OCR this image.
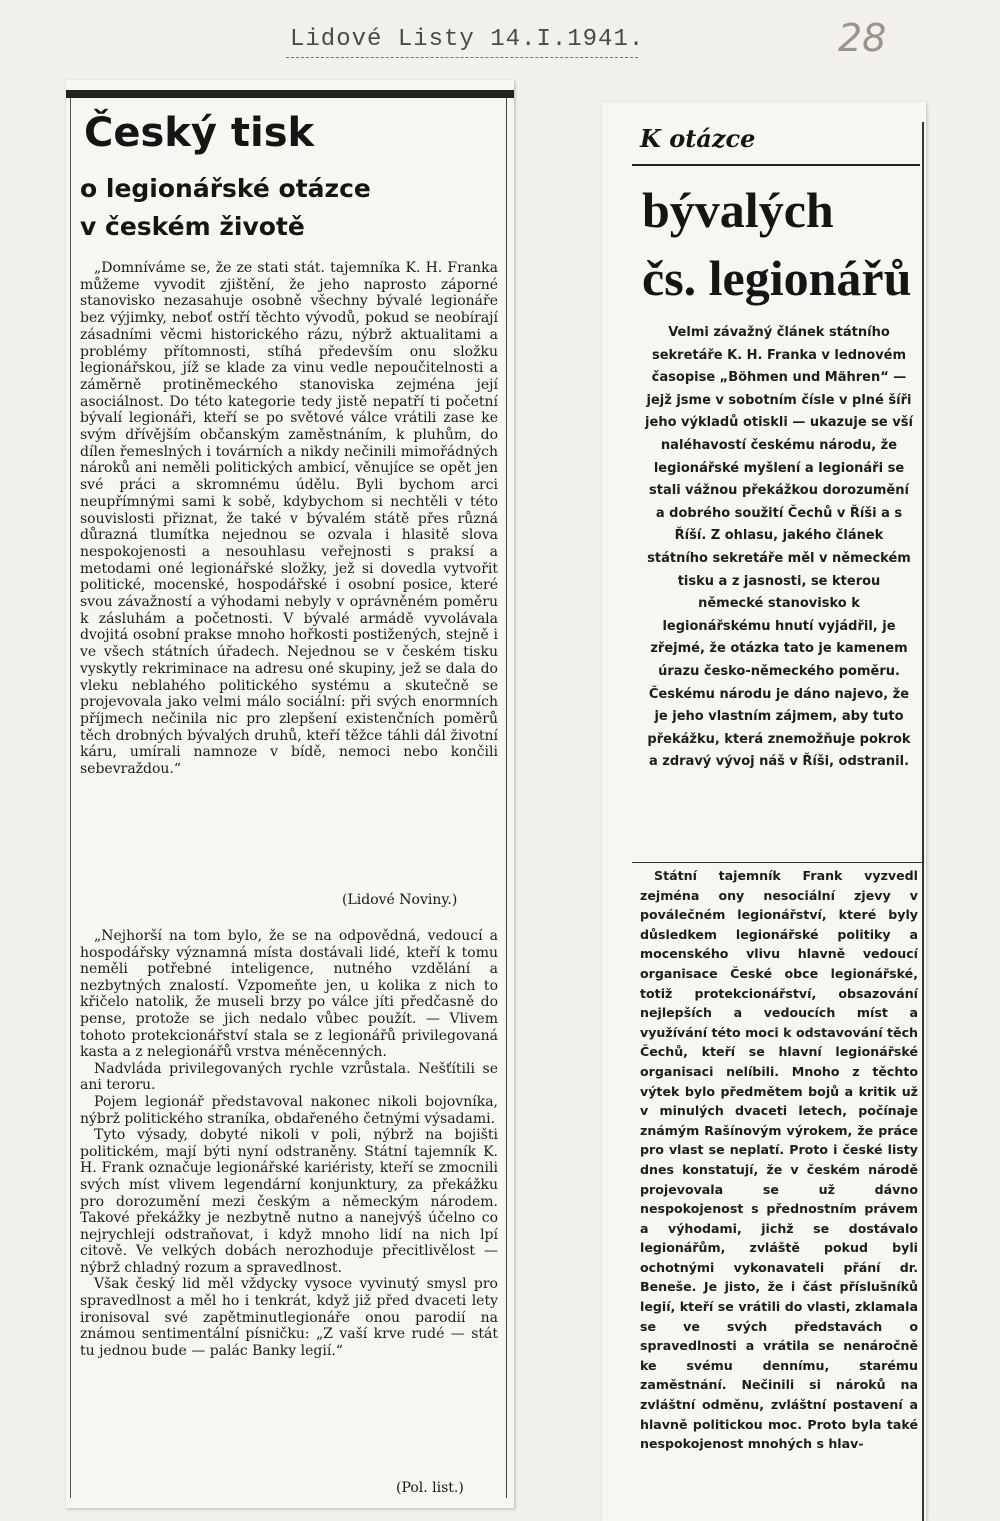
Lidové Listy 14.I.1941.	28
Český tisk
o legionářské otázce
v českém životě

„Domníváme se, že ze stati stát. tajemníka K. H. Franka můžeme vyvodit zjištění, že jeho naprosto záporné stanovisko nezasahuje osobně všechny bývalé legionáře bez výjimky, neboť ostří těchto vývodů, pokud se neobírají zásadními věcmi historického rázu, nýbrž aktualitami a problémy přítomnosti, stíhá především onu složku legionářskou, jíž se klade za vinu vedle nepoučitelnosti a záměrně protiněmeckého stanoviska zejména její asociálnost. Do této kategorie tedy jistě nepatří ti početní bývalí legionáři, kteří se po světové válce vrátili zase ke svým dřívějším občanským zaměstnáním, k pluhům, do dílen řemeslných i továrních a nikdy nečinili mimořádných nároků ani neměli politických ambicí, věnujíce se opět jen své práci a skromnému údělu. Byli bychom arci neupřímnými sami k sobě, kdybychom si nechtěli v této souvislosti přiznat, že také v bývalém státě přes různá důrazná tlumítka nejednou se ozvala i hlasitě slova nespokojenosti a nesouhlasu veřejnosti s praksí a metodami oné legionářské složky, jež si dovedla vytvořit politické, mocenské, hospodářské i osobní posice, které svou závažností a výhodami nebyly v oprávněném poměru k zásluhám a početnosti. V bývalé armádě vyvolávala dvojitá osobní prakse mnoho hořkosti postižených, stejně i ve všech státních úřadech. Nejednou se v českém tisku vyskytly rekriminace na adresu oné skupiny, jež se dala do vleku neblahého politického systému a skutečně se projevovala jako velmi málo sociální: při svých enormních příjmech nečinila nic pro zlepšení existenčních poměrů těch drobných bývalých druhů, kteří těžce táhli dál životní káru, umírali namnoze v bídě, nemoci nebo končili sebevraždou.“

(Lidové Noviny.)

„Nejhorší na tom bylo, že se na odpovědná, vedoucí a hospodářsky významná místa dostávali lidé, kteří k tomu neměli potřebné inteligence, nutného vzdělání a nezbytných znalostí. Vzpomeňte jen, u kolika z nich to křičelo natolik, že museli brzy po válce jíti předčasně do pense, protože se jich nedalo vůbec použít. — Vlivem tohoto protekcionářství stala se z legionářů privilegovaná kasta a z nelegionářů vrstva méněcenných.

Nadvláda privilegovaných rychle vzrůstala. Nešťítili se ani teroru.

Pojem legionář představoval nakonec nikoli bojovníka, nýbrž politického straníka, obdařeného četnými výsadami.

Tyto výsady, dobyté nikoli v poli, nýbrž na bojišti politickém, mají býti nyní odstraněny. Státní tajemník K. H. Frank označuje legionářské kariéristy, kteří se zmocnili svých míst vlivem legendární konjunktury, za překážku pro dorozumění mezi českým a německým národem. Takové překážky je nezbytně nutno a nanejvýš účelno co nejrychleji odstraňovat, i když mnoho lidí na nich lpí citově. Ve velkých dobách nerozhoduje přecitlivělost — nýbrž chladný rozum a spravedlnost.

Však český lid měl vždycky vysoce vyvinutý smysl pro spravedlnost a měl ho i tenkrát, když již před dvaceti lety ironisoval své zapětminutlegionáře onou parodií na známou sentimentální písničku: „Z vaší krve rudé — stát tu jednou bude — palác Banky legií.“

(Pol. list.)
K otázce
bývalých
čs. legionářů

Velmi závažný článek státního sekretáře K. H. Franka v lednovém časopise „Böhmen und Mähren“ — jejž jsme v sobotním čísle v plné šíři jeho výkladů otiskli — ukazuje se vší naléhavostí českému národu, že legionářské myšlení a legionáři se stali vážnou překážkou dorozumění a dobrého soužití Čechů v Říši a s Říší. Z ohlasu, jakého článek státního sekretáře měl v německém tisku a z jasnosti, se kterou německé stanovisko k legionářskému hnutí vyjádřil, je zřejmé, že otázka tato je kamenem úrazu česko-německého poměru. Českému národu je dáno najevo, že je jeho vlastním zájmem, aby tuto překážku, která znemožňuje pokrok a zdravý vývoj náš v Říši, odstranil.

Státní tajemník Frank vyzvedl zejména ony nesociální zjevy v poválečném legionářství, které byly důsledkem legionářské politiky a mocenského vlivu hlavně vedoucí organisace České obce legionářské, totiž protekcionářství, obsazování nejlepších a vedoucích míst a využívání této moci k odstavování těch Čechů, kteří se hlavní legionářské organisaci nelíbili. Mnoho z těchto výtek bylo předmětem bojů a kritik už v minulých dvaceti letech, počínaje známým Rašínovým výrokem, že práce pro vlast se neplatí. Proto i české listy dnes konstatují, že v českém národě projevovala se už dávno nespokojenost s přednostním právem a výhodami, jichž se dostávalo legionářům, zvláště pokud byli ochotnými vykonavateli přání dr. Beneše. Je jisto, že i část příslušníků legií, kteří se vrátili do vlasti, zklamala se ve svých představách o spravedlnosti a vrátila se nenáročně ke svému dennímu, starému zaměstnání. Nečinili si nároků na zvláštní odměnu, zvláštní postavení a hlavně politickou moc. Proto byla také nespokojenost mnohých s hlav-
